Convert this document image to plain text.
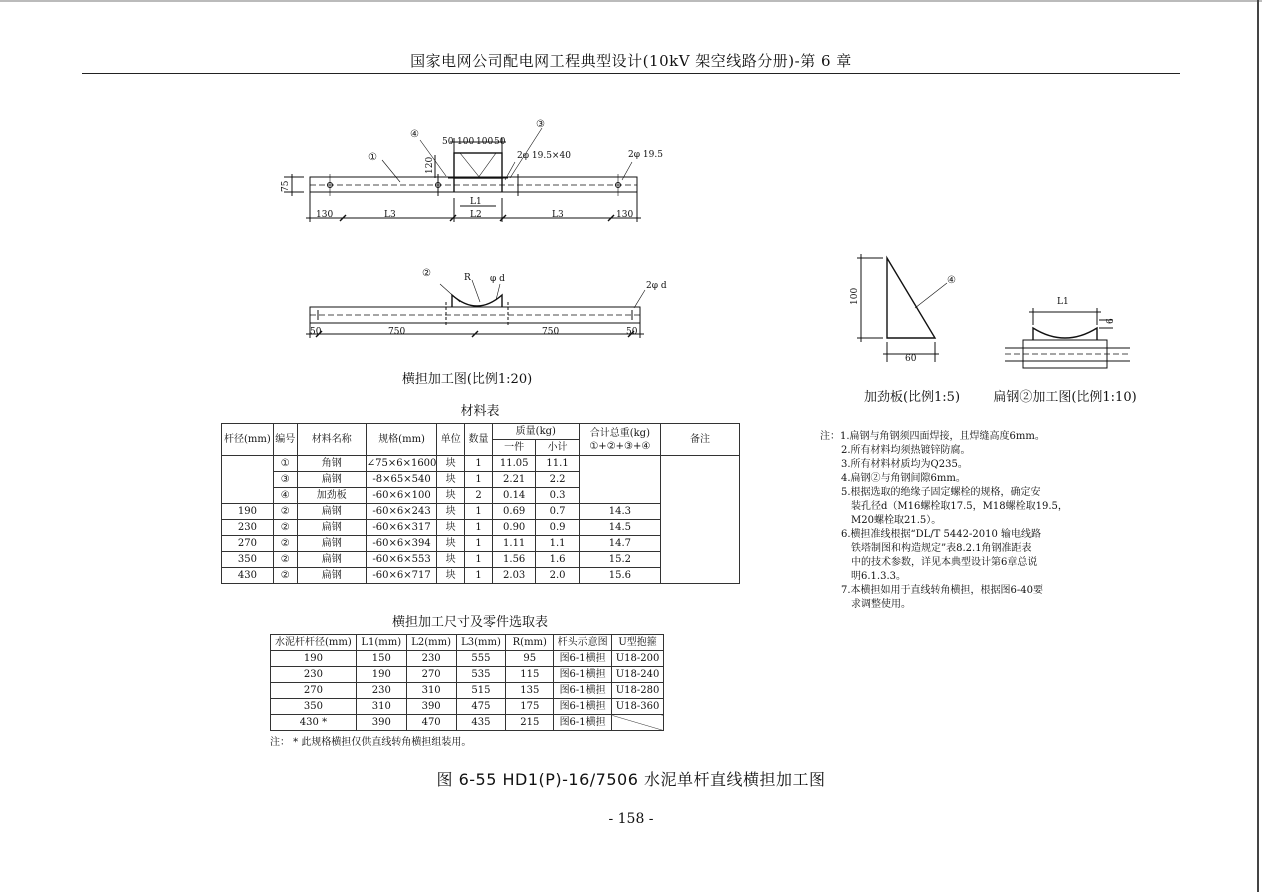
国家电网公司配电网工程典型设计(10kV 架空线路分册)-第 6 章
④
③
①
50 100 100 50
120
75
2φ 19.5×40	2φ 19.5
130	L3	L2	L3	130
L1
②	R φ d
2φ d
50	750	750	50
横担加工图(比例1:20)
100
60
④
L1
6
加劲板(比例1:5)	扁钢②加工图(比例1:10)
材料表
杆径(mm)	编号	材料名称	规格(mm)	单位	数量	质量(kg)		合计总重(kg)
①+②+③+④	备注
						一件	小计		
	①	角钢	∠75×6×1600	块	1	11.05	11.1		
	③	扁钢	-8×65×540	块	1	2.21	2.2		
	④	加劲板	-60×6×100	块	2	0.14	0.3		
190	②	扁钢	-60×6×243	块	1	0.69	0.7	14.3	
230	②	扁钢	-60×6×317	块	1	0.90	0.9	14.5	
270	②	扁钢	-60×6×394	块	1	1.11	1.1	14.7	
350	②	扁钢	-60×6×553	块	1	1.56	1.6	15.2	
430	②	扁钢	-60×6×717	块	1	2.03	2.0	15.6	
注：1.扁钢与角钢须四面焊接，且焊缝高度6mm。
2.所有材料均须热镀锌防腐。
3.所有材料材质均为Q235。
4.扁钢②与角钢间隙6mm。
5.根据选取的绝缘子固定螺栓的规格，确定安
装孔径d（M16螺栓取17.5，M18螺栓取19.5，
M20螺栓取21.5）。
6.横担准线根据“DL/T 5442-2010 输电线路
铁塔制图和构造规定”表8.2.1角钢准距表
中的技术参数，详见本典型设计第6章总说
明6.1.3.3。
7.本横担如用于直线转角横担，根据图6-40要
求调整使用。
横担加工尺寸及零件选取表
水泥杆杆径(mm)	L1(mm)	L2(mm)	L3(mm)	R(mm)	杆头示意图	U型抱箍
190	150	230	555	95	图6-1横担	U18-200
230	190	270	535	115	图6-1横担	U18-240
270	230	310	515	135	图6-1横担	U18-280
350	310	390	475	175	图6-1横担	U18-360
430 *	390	470	435	215	图6-1横担	
注： * 此规格横担仅供直线转角横担组装用。
图 6-55 HD1(P)-16/7506 水泥单杆直线横担加工图
- 158 -
